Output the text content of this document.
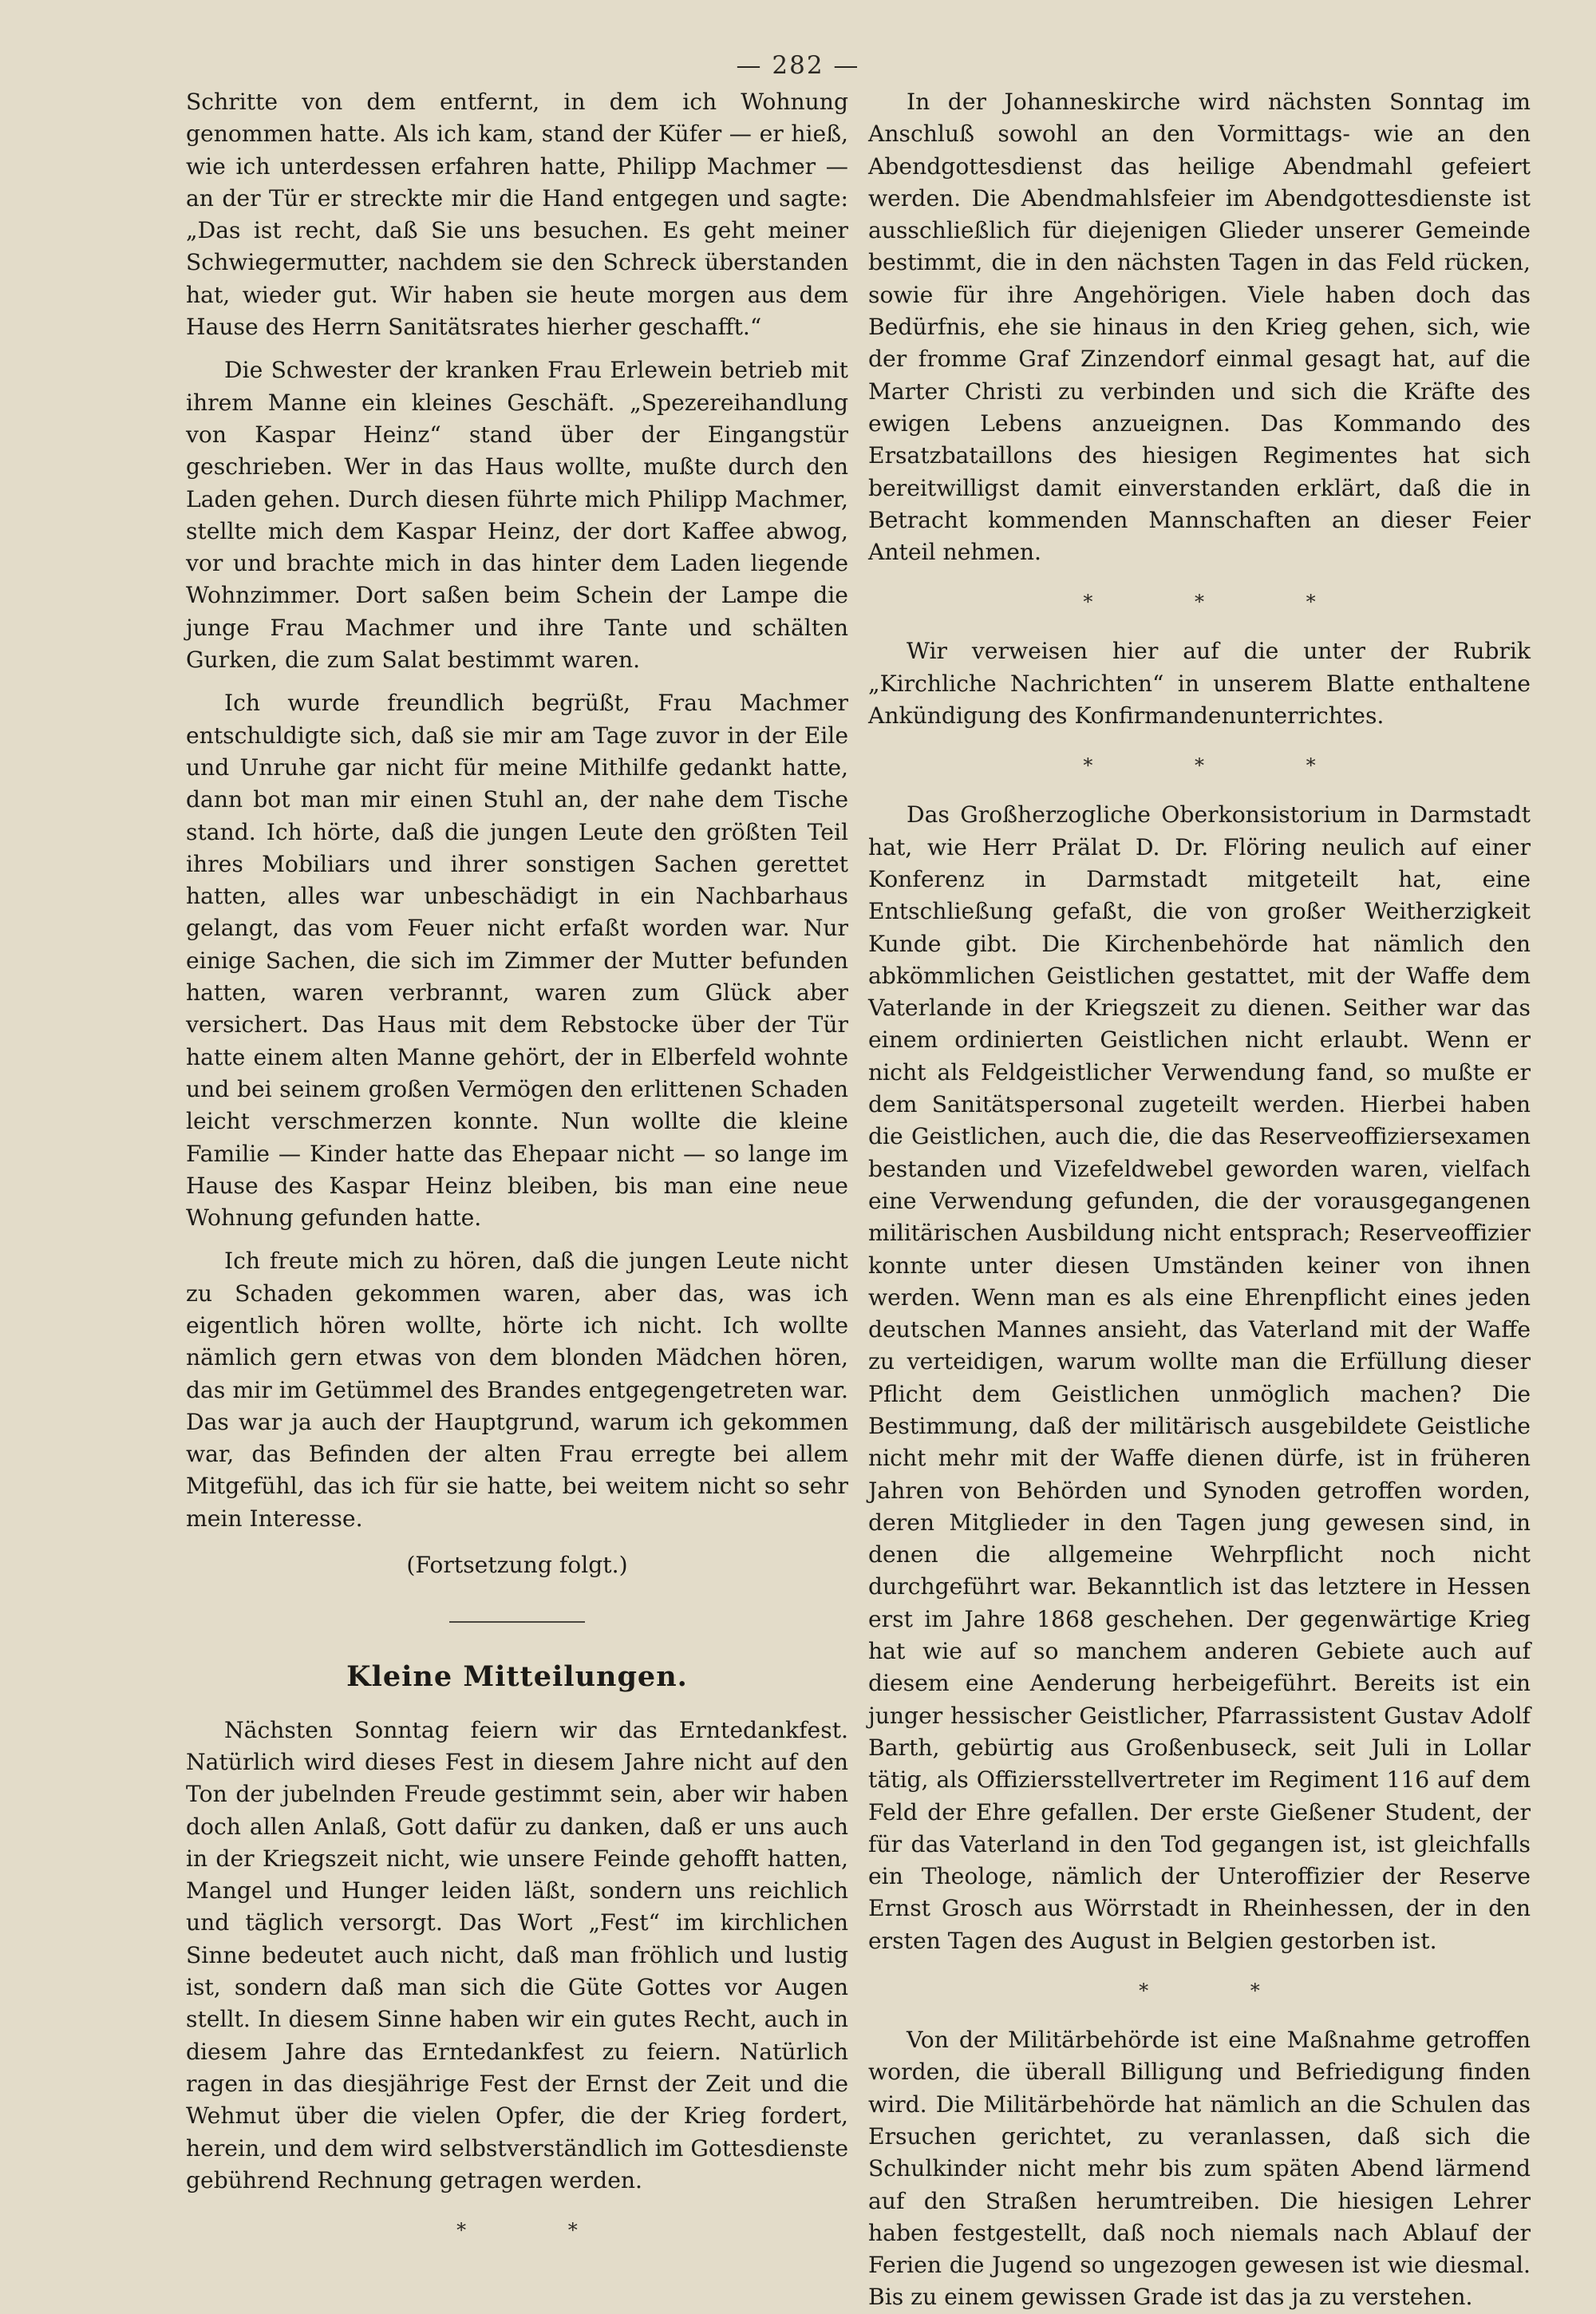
— 282 —

Schritte von dem entfernt, in dem ich Wohnung genommen hatte. Als ich kam, stand der Küfer — er hieß, wie ich unterdessen erfahren hatte, Philipp Machmer — an der Tür er streckte mir die Hand entgegen und sagte: „Das ist recht, daß Sie uns besuchen. Es geht meiner Schwiegermutter, nachdem sie den Schreck überstanden hat, wieder gut. Wir haben sie heute morgen aus dem Hause des Herrn Sanitätsrates hierher geschafft.“

Die Schwester der kranken Frau Erlewein betrieb mit ihrem Manne ein kleines Geschäft. „Spezereihandlung von Kaspar Heinz“ stand über der Eingangstür geschrieben. Wer in das Haus wollte, mußte durch den Laden gehen. Durch diesen führte mich Philipp Machmer, stellte mich dem Kaspar Heinz, der dort Kaffee abwog, vor und brachte mich in das hinter dem Laden liegende Wohnzimmer. Dort saßen beim Schein der Lampe die junge Frau Machmer und ihre Tante und schälten Gurken, die zum Salat bestimmt waren.

Ich wurde freundlich begrüßt, Frau Machmer entschuldigte sich, daß sie mir am Tage zuvor in der Eile und Unruhe gar nicht für meine Mithilfe gedankt hatte, dann bot man mir einen Stuhl an, der nahe dem Tische stand. Ich hörte, daß die jungen Leute den größten Teil ihres Mobiliars und ihrer sonstigen Sachen gerettet hatten, alles war unbeschädigt in ein Nachbarhaus gelangt, das vom Feuer nicht erfaßt worden war. Nur einige Sachen, die sich im Zimmer der Mutter befunden hatten, waren verbrannt, waren zum Glück aber versichert. Das Haus mit dem Rebstocke über der Tür hatte einem alten Manne gehört, der in Elberfeld wohnte und bei seinem großen Vermögen den erlittenen Schaden leicht verschmerzen konnte. Nun wollte die kleine Familie — Kinder hatte das Ehepaar nicht — so lange im Hause des Kaspar Heinz bleiben, bis man eine neue Wohnung gefunden hatte.

Ich freute mich zu hören, daß die jungen Leute nicht zu Schaden gekommen waren, aber das, was ich eigentlich hören wollte, hörte ich nicht. Ich wollte nämlich gern etwas von dem blonden Mädchen hören, das mir im Getümmel des Brandes entgegengetreten war. Das war ja auch der Hauptgrund, warum ich gekommen war, das Befinden der alten Frau erregte bei allem Mitgefühl, das ich für sie hatte, bei weitem nicht so sehr mein Interesse.

(Fortsetzung folgt.)

Kleine Mitteilungen.

Nächsten Sonntag feiern wir das Erntedankfest. Natürlich wird dieses Fest in diesem Jahre nicht auf den Ton der jubelnden Freude gestimmt sein, aber wir haben doch allen Anlaß, Gott dafür zu danken, daß er uns auch in der Kriegszeit nicht, wie unsere Feinde gehofft hatten, Mangel und Hunger leiden läßt, sondern uns reichlich und täglich versorgt. Das Wort „Fest“ im kirchlichen Sinne bedeutet auch nicht, daß man fröhlich und lustig ist, sondern daß man sich die Güte Gottes vor Augen stellt. In diesem Sinne haben wir ein gutes Recht, auch in diesem Jahre das Erntedankfest zu feiern. Natürlich ragen in das diesjährige Fest der Ernst der Zeit und die Wehmut über die vielen Opfer, die der Krieg fordert, herein, und dem wird selbstverständlich im Gottesdienste gebührend Rechnung getragen werden.

* *

In der Johanneskirche wird nächsten Sonntag im Anschluß sowohl an den Vormittags- wie an den Abendgottesdienst das heilige Abendmahl gefeiert werden. Die Abendmahlsfeier im Abendgottesdienste ist ausschließlich für diejenigen Glieder unserer Gemeinde bestimmt, die in den nächsten Tagen in das Feld rücken, sowie für ihre Angehörigen. Viele haben doch das Bedürfnis, ehe sie hinaus in den Krieg gehen, sich, wie der fromme Graf Zinzendorf einmal gesagt hat, auf die Marter Christi zu verbinden und sich die Kräfte des ewigen Lebens anzueignen. Das Kommando des Ersatzbataillons des hiesigen Regimentes hat sich bereitwilligst damit einverstanden erklärt, daß die in Betracht kommenden Mannschaften an dieser Feier Anteil nehmen.

* * *

Wir verweisen hier auf die unter der Rubrik „Kirchliche Nachrichten“ in unserem Blatte enthaltene Ankündigung des Konfirmandenunterrichtes.

* * *

Das Großherzogliche Oberkonsistorium in Darmstadt hat, wie Herr Prälat D. Dr. Flöring neulich auf einer Konferenz in Darmstadt mitgeteilt hat, eine Entschließung gefaßt, die von großer Weitherzigkeit Kunde gibt. Die Kirchenbehörde hat nämlich den abkömmlichen Geistlichen gestattet, mit der Waffe dem Vaterlande in der Kriegszeit zu dienen. Seither war das einem ordinierten Geistlichen nicht erlaubt. Wenn er nicht als Feldgeistlicher Verwendung fand, so mußte er dem Sanitätspersonal zugeteilt werden. Hierbei haben die Geistlichen, auch die, die das Reserveoffiziersexamen bestanden und Vizefeldwebel geworden waren, vielfach eine Verwendung gefunden, die der vorausgegangenen militärischen Ausbildung nicht entsprach; Reserveoffizier konnte unter diesen Umständen keiner von ihnen werden. Wenn man es als eine Ehrenpflicht eines jeden deutschen Mannes ansieht, das Vaterland mit der Waffe zu verteidigen, warum wollte man die Erfüllung dieser Pflicht dem Geistlichen unmöglich machen? Die Bestimmung, daß der militärisch ausgebildete Geistliche nicht mehr mit der Waffe dienen dürfe, ist in früheren Jahren von Behörden und Synoden getroffen worden, deren Mitglieder in den Tagen jung gewesen sind, in denen die allgemeine Wehrpflicht noch nicht durchgeführt war. Bekanntlich ist das letztere in Hessen erst im Jahre 1868 geschehen. Der gegenwärtige Krieg hat wie auf so manchem anderen Gebiete auch auf diesem eine Aenderung herbeigeführt. Bereits ist ein junger hessischer Geistlicher, Pfarrassistent Gustav Adolf Barth, gebürtig aus Großenbuseck, seit Juli in Lollar tätig, als Offiziersstellvertreter im Regiment 116 auf dem Feld der Ehre gefallen. Der erste Gießener Student, der für das Vaterland in den Tod gegangen ist, ist gleichfalls ein Theologe, nämlich der Unteroffizier der Reserve Ernst Grosch aus Wörrstadt in Rheinhessen, der in den ersten Tagen des August in Belgien gestorben ist.

* *

Von der Militärbehörde ist eine Maßnahme getroffen worden, die überall Billigung und Befriedigung finden wird. Die Militärbehörde hat nämlich an die Schulen das Ersuchen gerichtet, zu veranlassen, daß sich die Schulkinder nicht mehr bis zum späten Abend lärmend auf den Straßen herumtreiben. Die hiesigen Lehrer haben festgestellt, daß noch niemals nach Ablauf der Ferien die Jugend so ungezogen gewesen ist wie diesmal. Bis zu einem gewissen Grade ist das ja zu verstehen.
